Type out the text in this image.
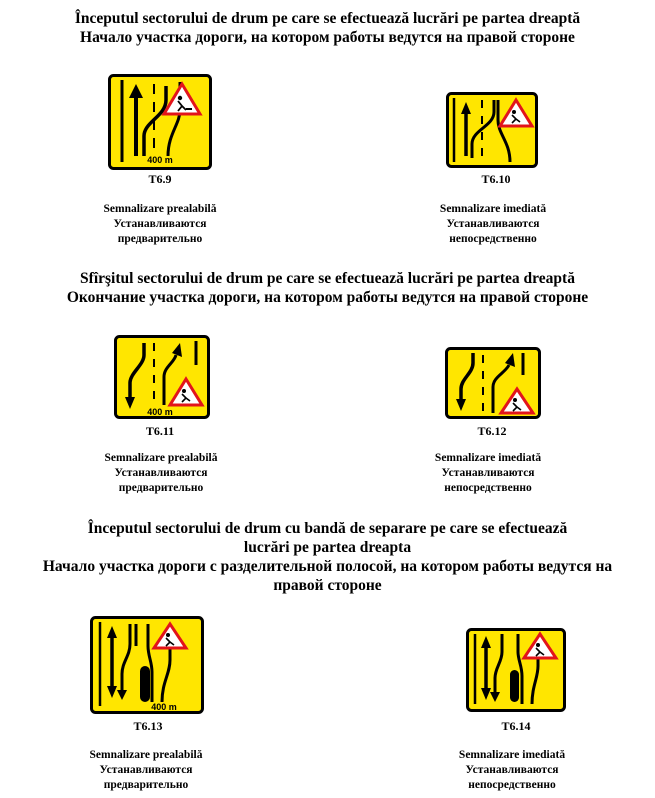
Începutul sectorului de drum pe care se efectuează lucrări pe partea dreaptă
Начало участка дороги, на котором работы ведутся на правой стороне
400 m
T6.9
Semnalizare prealabilă
Устанавливаются
предварительно
T6.10
Semnalizare imediată
Устанавливаются
непосредственно
Sfîrşitul sectorului de drum pe care se efectuează lucrări pe partea dreaptă
Окончание участка дороги, на котором работы ведутся на правой стороне
400 m
T6.11
Semnalizare prealabilă
Устанавливаются
предварительно
T6.12
Semnalizare imediată
Устанавливаются
непосредственно
Începutul sectorului de drum cu bandă de separare pe care se efectuează
lucrări pe partea dreapta
Начало участка дороги с разделительной полосой, на котором работы ведутся на
правой стороне
400 m
T6.13
Semnalizare prealabilă
Устанавливаются
предварительно
T6.14
Semnalizare imediată
Устанавливаются
непосредственно
